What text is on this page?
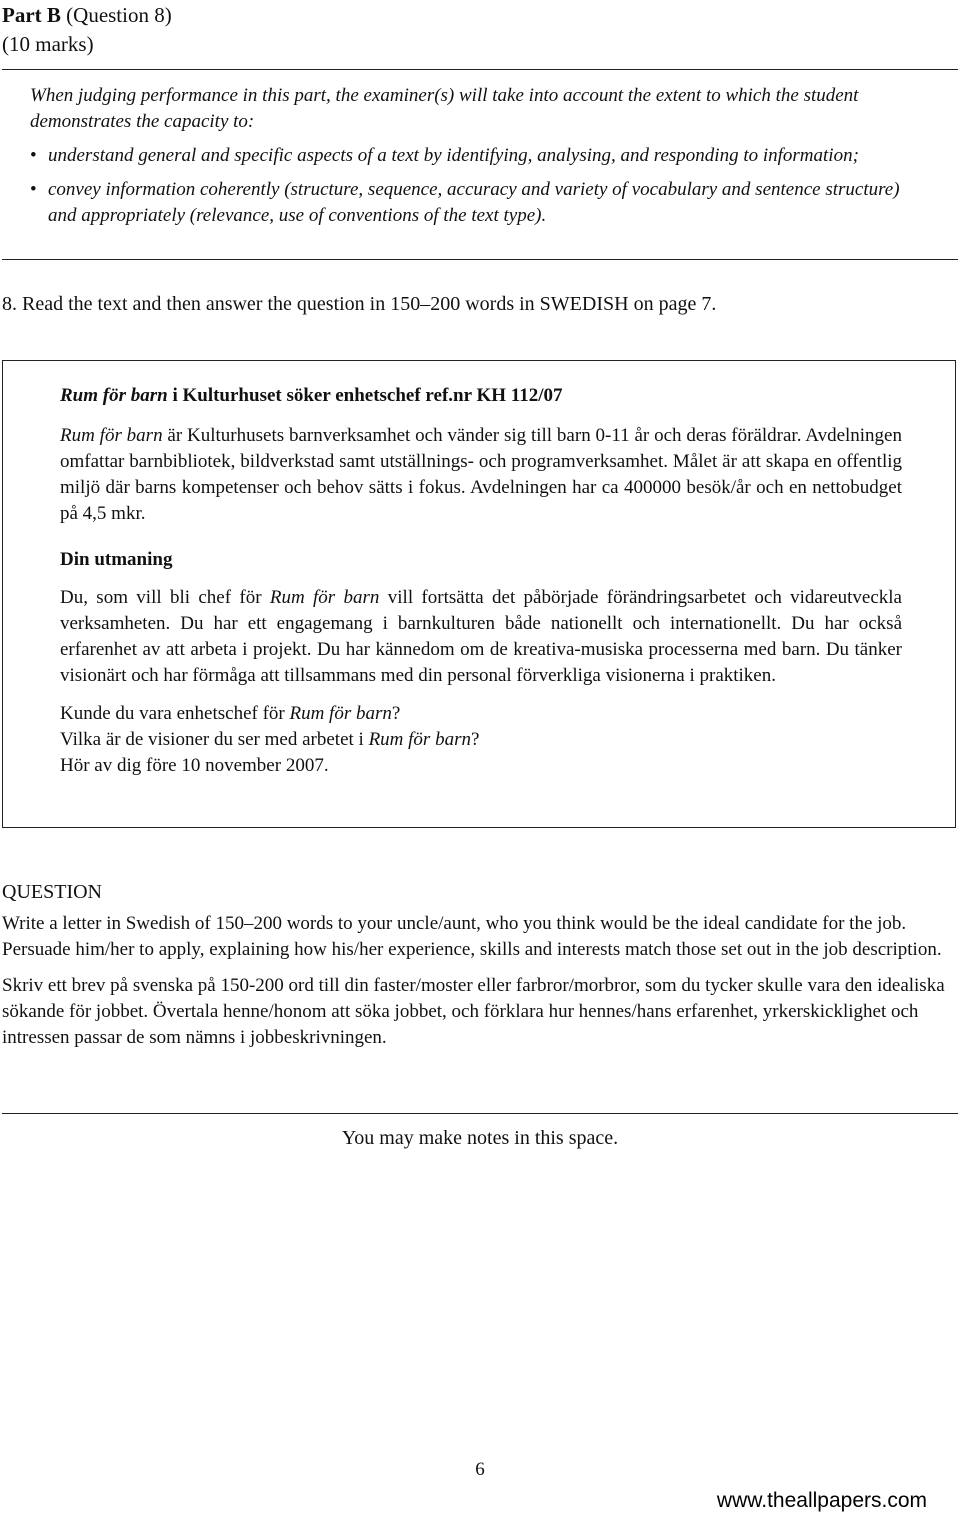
Part B (Question 8)
(10 marks)

When judging performance in this part, the examiner(s) will take into account the extent to which the student demonstrates the capacity to:

• understand general and specific aspects of a text by identifying, analysing, and responding to information;
• convey information coherently (structure, sequence, accuracy and variety of vocabulary and sentence structure) and appropriately (relevance, use of conventions of the text type).
8. Read the text and then answer the question in 150–200 words in SWEDISH on page 7.

Rum för barn i Kulturhuset söker enhetschef ref.nr KH 112/07

Rum för barn är Kulturhusets barnverksamhet och vänder sig till barn 0-11 år och deras föräldrar. Avdelningen omfattar barnbibliotek, bildverkstad samt utställnings- och programverksamhet. Målet är att skapa en offentlig miljö där barns kompetenser och behov sätts i fokus. Avdelningen har ca 400000 besök/år och en nettobudget på 4,5 mkr.

Din utmaning

Du, som vill bli chef för Rum för barn vill fortsätta det påbörjade förändringsarbetet och vidareutveckla verksamheten. Du har ett engagemang i barnkulturen både nationellt och internationellt. Du har också erfarenhet av att arbeta i projekt. Du har kännedom om de kreativa-musiska processerna med barn. Du tänker visionärt och har förmåga att tillsammans med din personal förverkliga visionerna i praktiken.

Kunde du vara enhetschef för Rum för barn?

Vilka är de visioner du ser med arbetet i Rum för barn?

Hör av dig före 10 november 2007.

QUESTION

Write a letter in Swedish of 150–200 words to your uncle/aunt, who you think would be the ideal candidate for the job. Persuade him/her to apply, explaining how his/her experience, skills and interests match those set out in the job description.

Skriv ett brev på svenska på 150-200 ord till din faster/moster eller farbror/morbror, som du tycker skulle vara den idealiska sökande för jobbet. Övertala henne/honom att söka jobbet, och förklara hur hennes/hans erfarenhet, yrkerskicklighet och intressen passar de som nämns i jobbeskrivningen.

You may make notes in this space.
6
www.theallpapers.com
